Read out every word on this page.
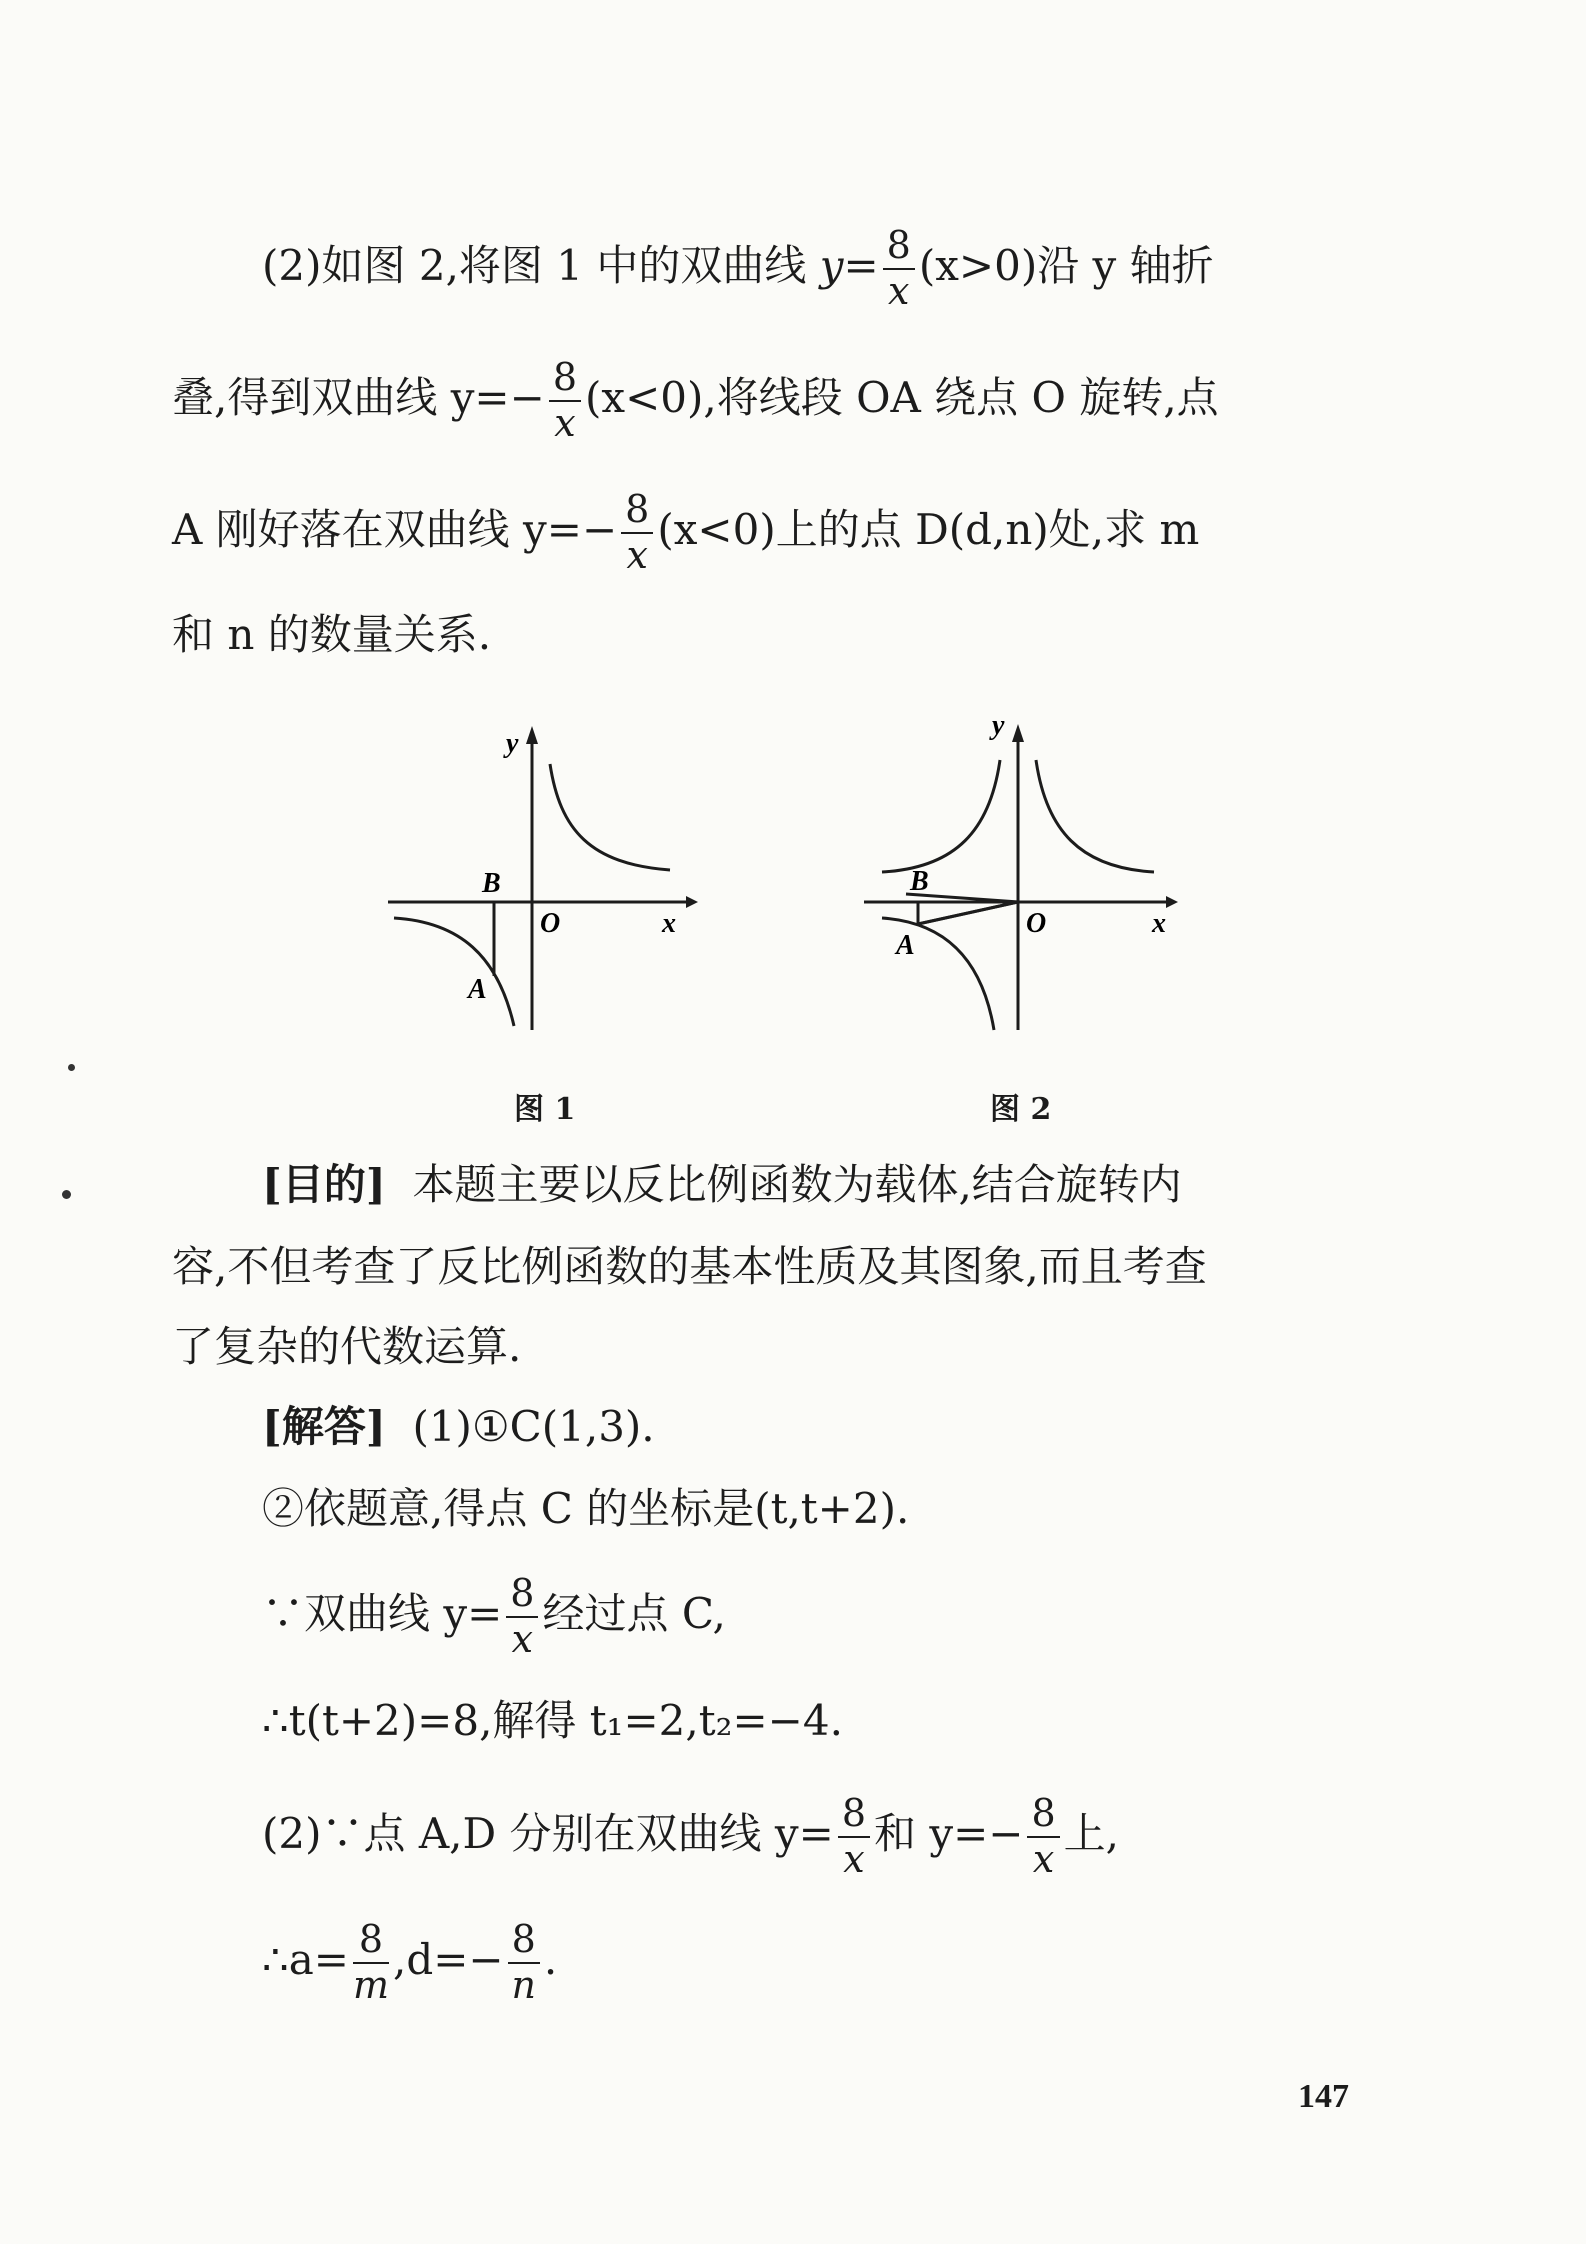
(2)如图 2,将图 1 中的双曲线 $y= \frac{8}{x} (x>0)$沿 y 轴折
叠,得到双曲线 $y=- \frac{8}{x} (x<0)$,将线段 OA 绕点 O 旋转,点
A 刚好落在双曲线 $y=- \frac{8}{x} (x<0)$上的点 D(d,n)处,求 m
和 n 的数量关系.
y
x
O
B
A
y
x
O
B
A
图 1	图 2
[目的] 本题主要以反比例函数为载体,结合旋转内
容,不但考查了反比例函数的基本性质及其图象,而且考查
了复杂的代数运算.
[解答] (1)①C(1,3).
②依题意,得点 C 的坐标是(t,t+2).
∵双曲线 $y= \frac{8}{x}$ 经过点 C,
∴t(t+2)=8,解得 t₁=2,t₂=−4.
(2)∵点 A,D 分别在双曲线 $y= \frac{8}{x}$ 和 $y=- \frac{8}{x}$ 上,
∴a= $\frac{8}{m} ,d=- \frac{8}{n}$ .
147
